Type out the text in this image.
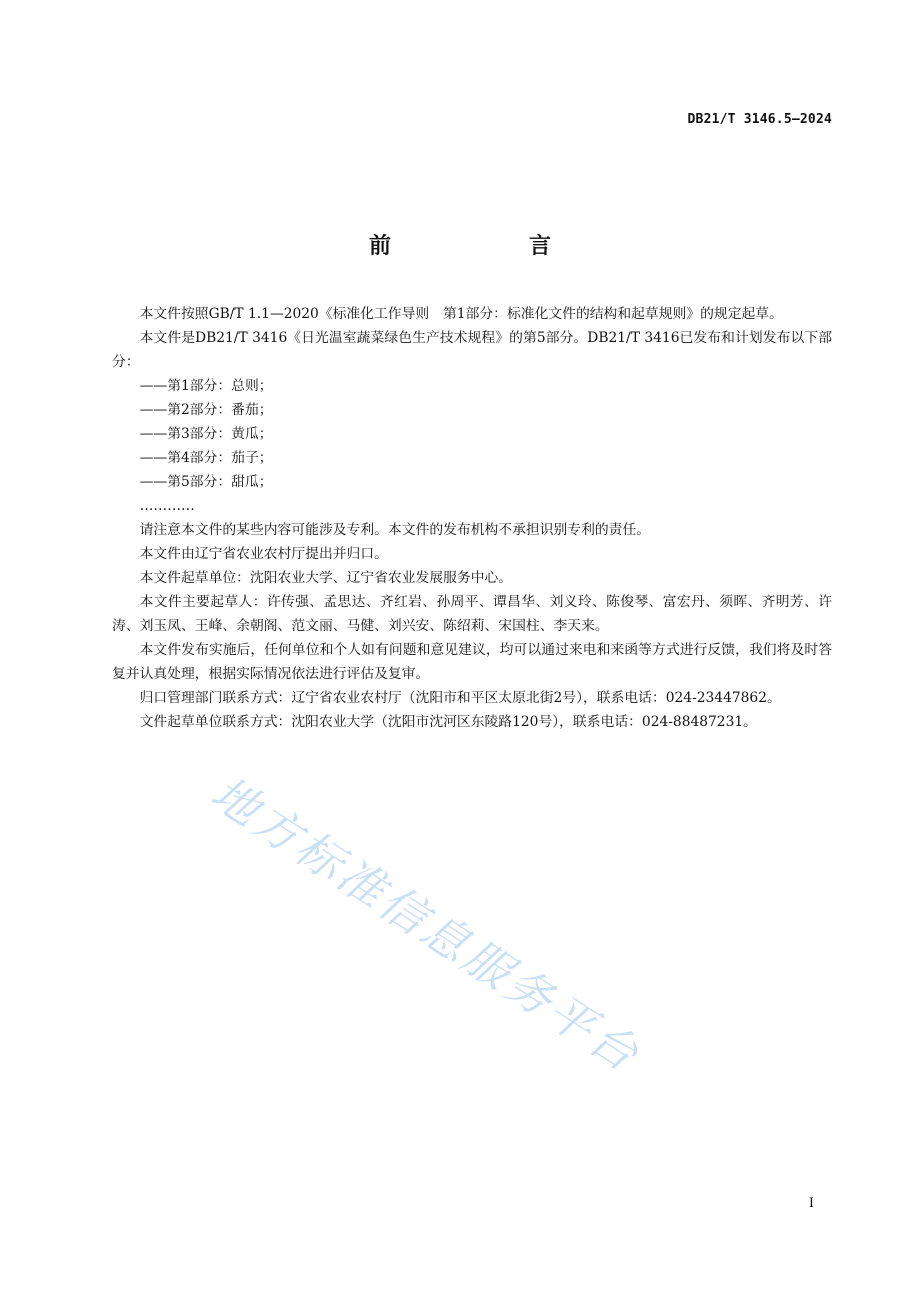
DB21/T 3146.5—2024
前　言

本文件按照GB/T 1.1—2020《标准化工作导则　第1部分：标准化文件的结构和起草规则》的规定起草。

本文件是DB21/T 3416《日光温室蔬菜绿色生产技术规程》的第5部分。DB21/T 3416已发布和计划发布以下部分：

——第1部分：总则；

——第2部分：番茄；

——第3部分：黄瓜；

——第4部分：茄子；

——第5部分：甜瓜；

…………

请注意本文件的某些内容可能涉及专利。本文件的发布机构不承担识别专利的责任。

本文件由辽宁省农业农村厅提出并归口。

本文件起草单位：沈阳农业大学、辽宁省农业发展服务中心。

本文件主要起草人：许传强、孟思达、齐红岩、孙周平、谭昌华、刘义玲、陈俊琴、富宏丹、须晖、齐明芳、许涛、刘玉凤、王峰、余朝阁、范文丽、马健、刘兴安、陈绍莉、宋国柱、李天来。

本文件发布实施后，任何单位和个人如有问题和意见建议，均可以通过来电和来函等方式进行反馈，我们将及时答复并认真处理，根据实际情况依法进行评估及复审。

归口管理部门联系方式：辽宁省农业农村厅（沈阳市和平区太原北街2号），联系电话：024-23447862。

文件起草单位联系方式：沈阳农业大学（沈阳市沈河区东陵路120号），联系电话：024-88487231。

地方标准信息服务平台
I
